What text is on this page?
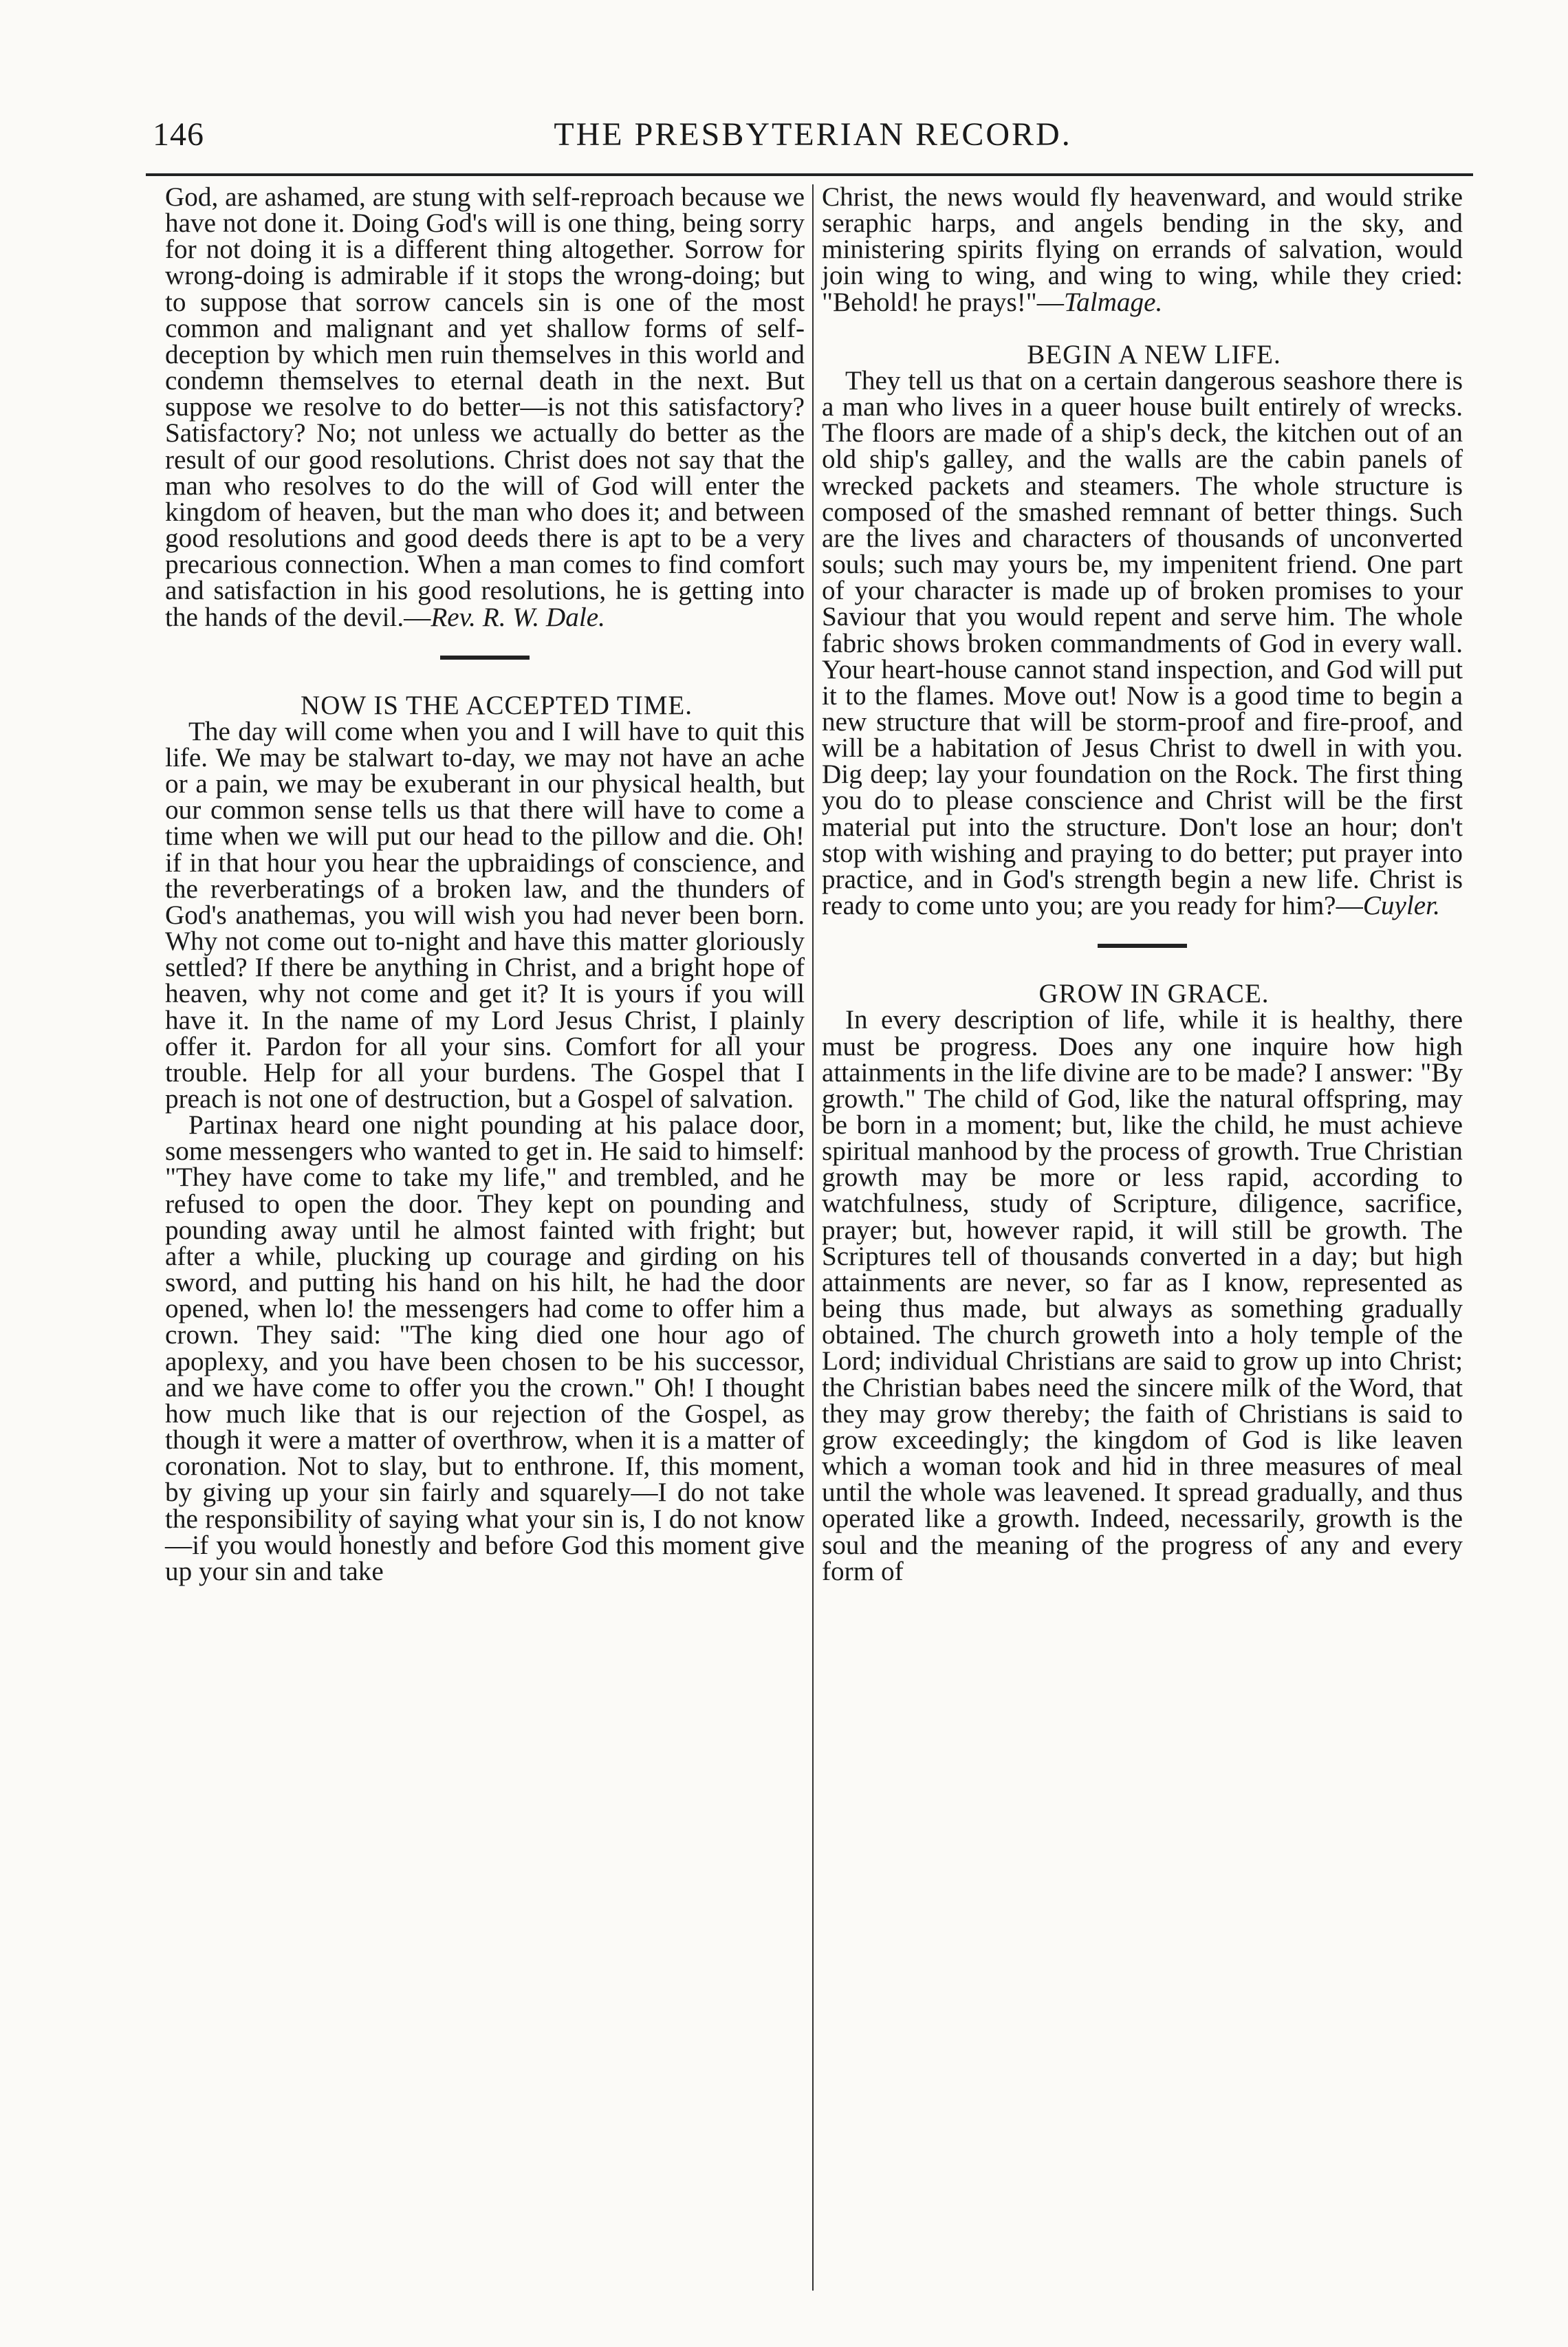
146	THE PRESBYTERIAN RECORD.

God, are ashamed, are stung with self-reproach because we have not done it. Doing God's will is one thing, being sorry for not doing it is a different thing altogether. Sorrow for wrong-doing is admirable if it stops the wrong-doing; but to suppose that sorrow cancels sin is one of the most common and malignant and yet shallow forms of self-deception by which men ruin themselves in this world and condemn themselves to eternal death in the next. But suppose we resolve to do better—is not this satisfactory? Satisfactory? No; not unless we actually do better as the result of our good resolutions. Christ does not say that the man who resolves to do the will of God will enter the kingdom of heaven, but the man who does it; and between good resolutions and good deeds there is apt to be a very precarious connection. When a man comes to find comfort and satisfaction in his good resolutions, he is getting into the hands of the devil.—Rev. R. W. Dale.

NOW IS THE ACCEPTED TIME.

The day will come when you and I will have to quit this life. We may be stalwart to-day, we may not have an ache or a pain, we may be exuberant in our physical health, but our common sense tells us that there will have to come a time when we will put our head to the pillow and die. Oh! if in that hour you hear the upbraidings of conscience, and the reverberatings of a broken law, and the thunders of God's anathemas, you will wish you had never been born. Why not come out to-night and have this matter gloriously settled? If there be anything in Christ, and a bright hope of heaven, why not come and get it? It is yours if you will have it. In the name of my Lord Jesus Christ, I plainly offer it. Pardon for all your sins. Comfort for all your trouble. Help for all your burdens. The Gospel that I preach is not one of destruction, but a Gospel of salvation.

Partinax heard one night pounding at his palace door, some messengers who wanted to get in. He said to himself: "They have come to take my life," and trembled, and he refused to open the door. They kept on pounding and pounding away until he almost fainted with fright; but after a while, plucking up courage and girding on his sword, and putting his hand on his hilt, he had the door opened, when lo! the messengers had come to offer him a crown. They said: "The king died one hour ago of apoplexy, and you have been chosen to be his successor, and we have come to offer you the crown." Oh! I thought how much like that is our rejection of the Gospel, as though it were a matter of overthrow, when it is a matter of coronation. Not to slay, but to enthrone. If, this moment, by giving up your sin fairly and squarely—I do not take the responsibility of saying what your sin is, I do not know—if you would honestly and before God this moment give up your sin and take

Christ, the news would fly heavenward, and would strike seraphic harps, and angels bending in the sky, and ministering spirits flying on errands of salvation, would join wing to wing, and wing to wing, while they cried: "Behold! he prays!"—Talmage.

BEGIN A NEW LIFE.

They tell us that on a certain dangerous seashore there is a man who lives in a queer house built entirely of wrecks. The floors are made of a ship's deck, the kitchen out of an old ship's galley, and the walls are the cabin panels of wrecked packets and steamers. The whole structure is composed of the smashed remnant of better things. Such are the lives and characters of thousands of unconverted souls; such may yours be, my impenitent friend. One part of your character is made up of broken promises to your Saviour that you would repent and serve him. The whole fabric shows broken commandments of God in every wall. Your heart-house cannot stand inspection, and God will put it to the flames. Move out! Now is a good time to begin a new structure that will be storm-proof and fire-proof, and will be a habitation of Jesus Christ to dwell in with you. Dig deep; lay your foundation on the Rock. The first thing you do to please conscience and Christ will be the first material put into the structure. Don't lose an hour; don't stop with wishing and praying to do better; put prayer into practice, and in God's strength begin a new life. Christ is ready to come unto you; are you ready for him?—Cuyler.

GROW IN GRACE.

In every description of life, while it is healthy, there must be progress. Does any one inquire how high attainments in the life divine are to be made? I answer: "By growth." The child of God, like the natural offspring, may be born in a moment; but, like the child, he must achieve spiritual manhood by the process of growth. True Christian growth may be more or less rapid, according to watchfulness, study of Scripture, diligence, sacrifice, prayer; but, however rapid, it will still be growth. The Scriptures tell of thousands converted in a day; but high attainments are never, so far as I know, represented as being thus made, but always as something gradually obtained. The church groweth into a holy temple of the Lord; individual Christians are said to grow up into Christ; the Christian babes need the sincere milk of the Word, that they may grow thereby; the faith of Christians is said to grow exceedingly; the kingdom of God is like leaven which a woman took and hid in three measures of meal until the whole was leavened. It spread gradually, and thus operated like a growth. Indeed, necessarily, growth is the soul and the meaning of the progress of any and every form of
